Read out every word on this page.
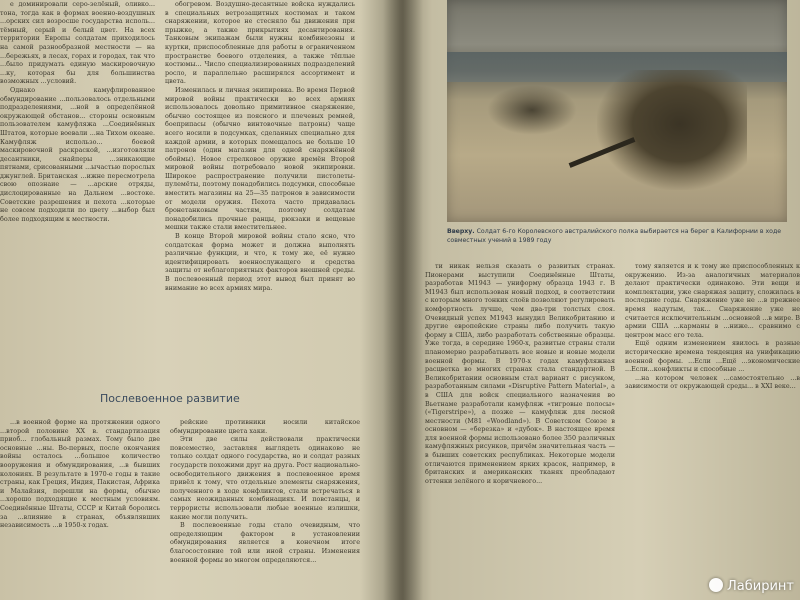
е доминировали серо-зелёный, оливко... тона, тогда как в формах военно-воздушных ...орских сил возросше государства исполь... тёмный, серый и белый цвет. На всех территории Европы солдатам приходилось на самой разнообразной местности — на ...бережьях, в лесах, горах и городах, так что ...было придумать единую маскировочную ...ку, которая бы для большинства возможных ...условий.

Однако камуфлированное обмундирование ...пользовалось отдельными подразделениями, ...ной в определённой окружающей обстанов... стороны основным пользователем камуфляжа ...Соединённых Штатов, которые воевали ...на Тихом океане. Камуфляж использо... боевой маскировочной раскраской, ...изготовляли десантники, снайперы ...зникающие пятнами, срисованными ...ычастью порослых джунглей. Британская ...ижне пересмотрела свою опознаие — ...арские отряды, дислоцированные на Дальнем ...востоке. Советские разрешения и пехота ...которые не совсем подходили по цвету ...выбор был более подходящим к местности.

обогревом. Воздушно-десантные войска нуждались в специальных ветрозащитных костюмах и таком снаряжении, которое не стесняло бы движения при прыжке, а также прикрытиях десантирования. Танковым экипажам были нужны комбинезоны и куртки, приспособленные для работы в ограниченном пространстве боевого отделения, а также тёплые костюмы... Число специализированных подразделений росло, и параллельно расширялся ассортимент и цвета.

Изменилась и личная экипировка. Во время Первой мировой войны практически во всех армиях использовалось довольно примитивное снаряжение, обычно состоящее из поясного и плечевых ремней, боеприпасы (обычно винтовочные патроны) чаще всего носили в подсумках, сделанных специально для каждой армии, в которых помещалось не больше 10 патронов (один магазин для одной снаряжённой обоймы). Новое стрелковое оружие времён Второй мировой войны потребовало новой экипировки. Широкое распространение получили пистолеты-пулемёты, поэтому понадобились подсумки, способные вместить магазины на 25—35 патронов в зависимости от модели оружия. Пехота часто придавалась бронетанковым частям, поэтому солдатам понадобились прочные ранцы, рюкзаки и вещевые мешки также стали вместительнее.

В конце Второй мировой войны стало ясно, что солдатская форма может и должна выполнять различные функции, и что, к тому же, её нужно идентифицировать военнослужащего и средства защиты от неблагоприятных факторов внешней среды. В послевоенный период этот вывод был принят во внимание во всех армиях мира.

Послевоенное развитие

...в военной форме на протяжении одного ...второй половине XX в. стандартизация приоб... глобальный размах. Тому было две основные ...ны. Во-первых, после окончания войны осталось ...большое количество вооружения и обмундирования, ...в бывших колониях. В результате в 1970-е годы в такие страны, как Греция, Индия, Пакистан, Африка и Малайзия, перешли на формы, обычно ...хорошо подходящие к местным условиям. Соединённые Штаты, СССР и Китай боролись за ...влияние в странах, объявлявших независимость ...в 1950-х годах.

рейские противники носили китайское обмундирование цвета хаки.

Эти две силы действовали практически повсеместно, заставляя выглядеть одинаково не только солдат одного государства, но и солдат разных государств похожими друг на друга. Рост национально-освободительного движения в послевоенное время привёл к тому, что отдельные элементы снаряжения, полученного в ходе конфликтов, стали встречаться в самых неожиданных комбинациях. И повстанцы, и террористы использовали любые военные излишки, какие могли получить.

В послевоенные годы стало очевидным, что определяющим фактором в установлении обмундирования является в конечном итоге благосостояние той или иной страны. Изменения военной формы во многом определяются...

Вверху. Солдат 6-го Королевского австралийского полка выбирается на берег в Калифорнии в ходе совместных учений в 1989 году

ти никак нельзя сказать о развитых странах. Пионерами выступили Соединённые Штаты, разработав М1943 — униформу образца 1943 г. В М1943 был использован новый подход, в соответствии с которым много тонких слоёв позволяют регулировать комфортность лучше, чем два-три толстых слоя. Очевидный успех М1943 вынудил Великобританию и другие европейские страны либо получить такую форму в США, либо разработать собственные образцы. Уже тогда, в середине 1960-х, развитые страны стали планомерно разрабатывать все новые и новые модели военной формы. В 1970-х годах камуфляжная расцветка во многих странах стала стандартной. В Великобритании основным стал вариант с рисунком, разработанным силами «Disruptive Pattern Material», а в США для войск специального назначения во Вьетнаме разработали камуфляж «тигровые полосы» («Tigerstripe»), а позже — камуфляж для лесной местности (М81 «Woodland»). В Советском Союзе в основном — «березка» и «дубок». В настоящее время для военной формы использовано более 350 различных камуфляжных рисунков, причём значительная часть — в бывших советских республиках. Некоторые модели отличаются применением ярких красок, например, в британских и американских тканях преобладают оттенки зелёного и коричневого...

тому является и к тому же приспособленных к окружению. Из-за аналогичных материалов делают практически одинаково. Эти вещи и комплектации, уже снаряжая защиту, сложилась в последние годы. Снаряжение уже не ...в прежнее время надутым, так... Снаряжение уже не считается исключительным ...основной ...в мире. В армии США ...карманы в ...ниже... сравнимо с центром масс его тела.

Ещё одним изменением явилось в разные исторические времена тенденция на унификацию военной формы. ...Если ...Ещё ...экономические ...Если...конфликты и способные ...

...на котором человек ...самостоятельно ...в зависимости от окружающей среды... в ХХI веке...

Лабиринт
